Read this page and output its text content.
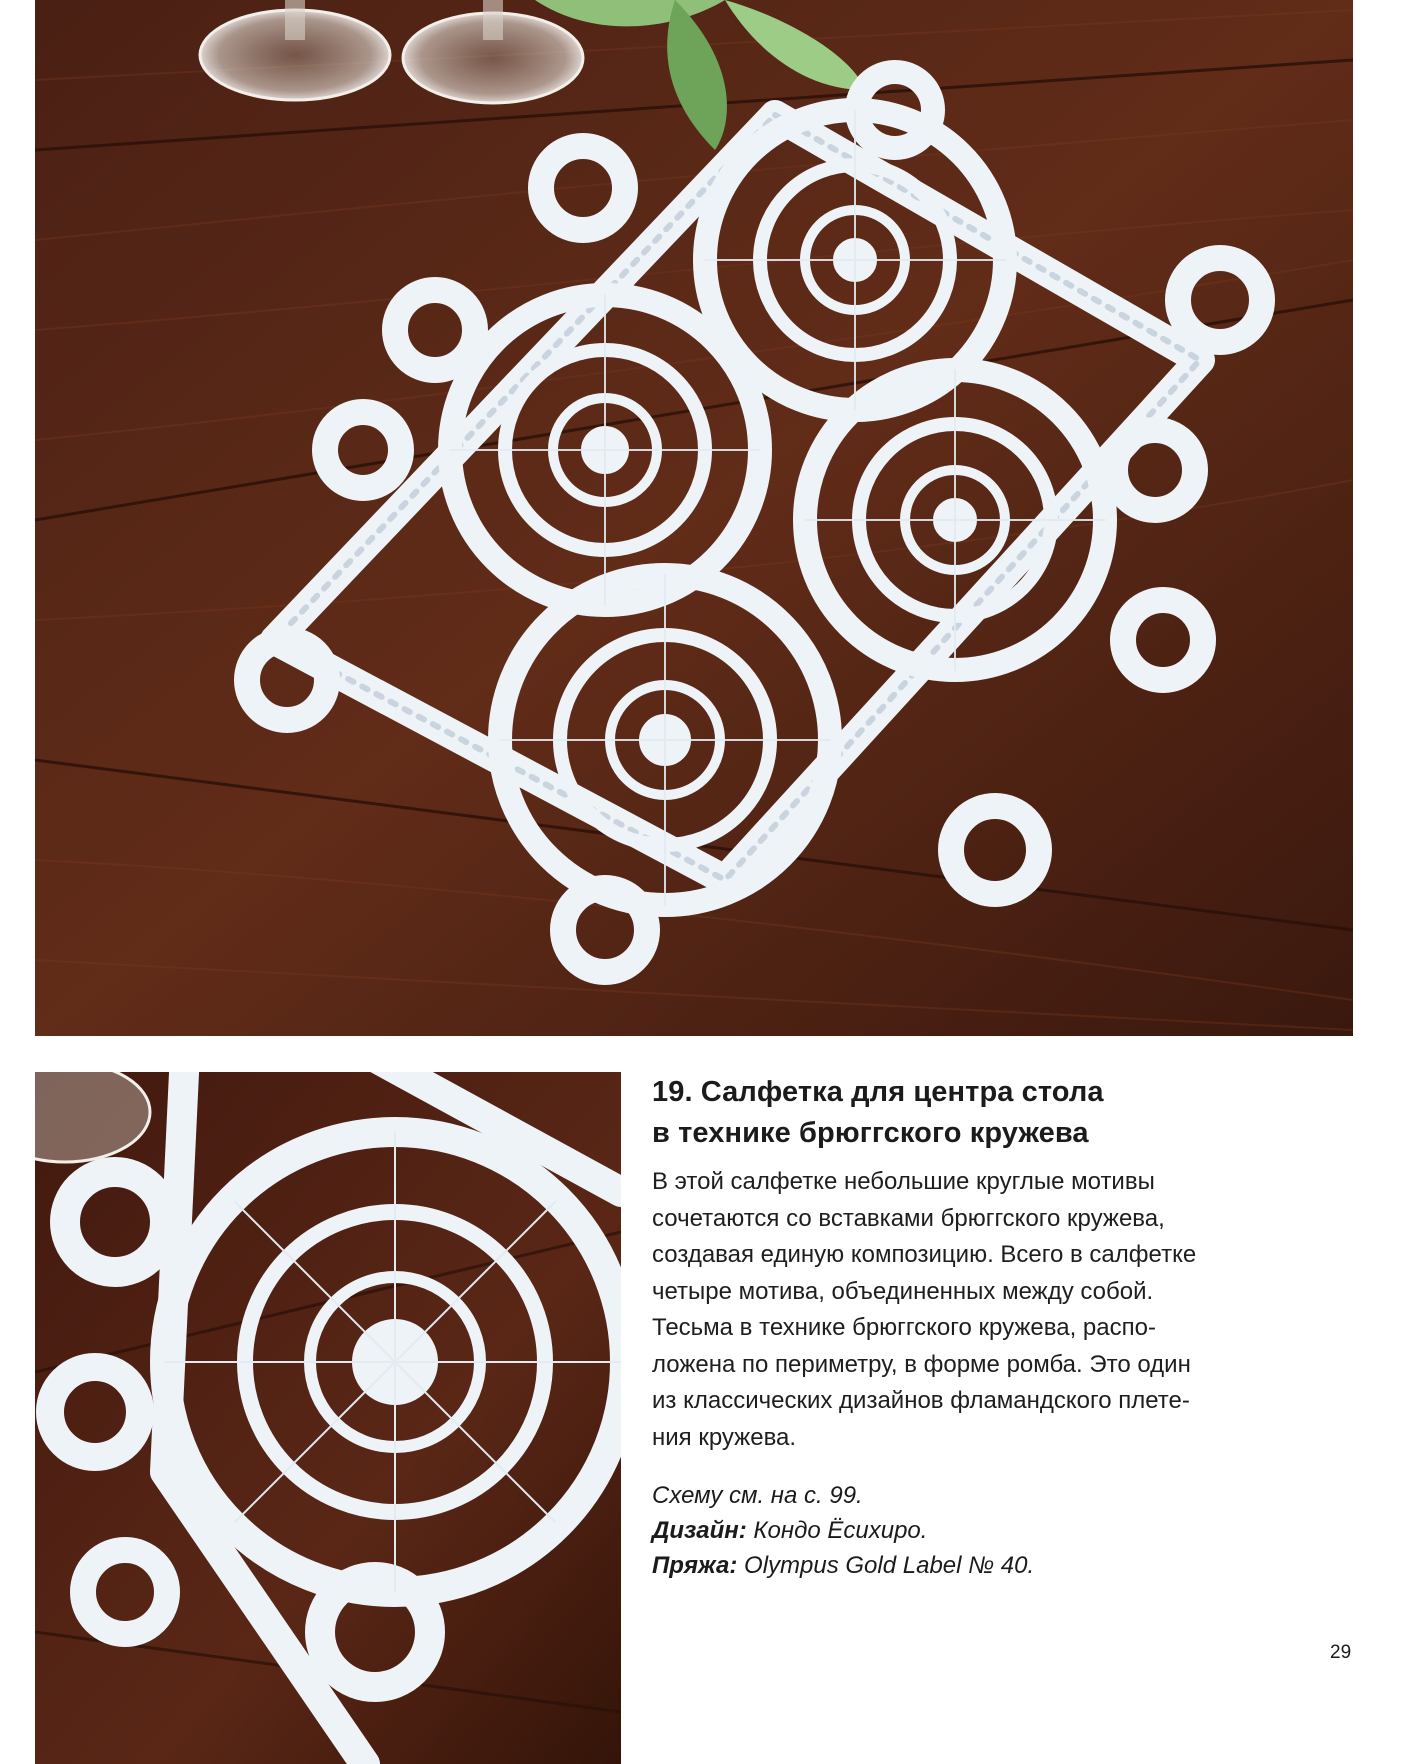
19. Салфетка для центра стола
в технике брюггского кружева

В этой салфетке небольшие круглые мотивы
сочетаются со вставками брюггского кружева,
создавая единую композицию. Всего в салфетке
четыре мотива, объединенных между собой.
Тесьма в технике брюггского кружева, распо-
ложена по периметру, в форме ромба. Это один
из классических дизайнов фламандского плете-
ния кружева.

Схему см. на с. 99.
Дизайн: Кондо Ёсихиро.
Пряжа: Olympus Gold Label № 40.
29
